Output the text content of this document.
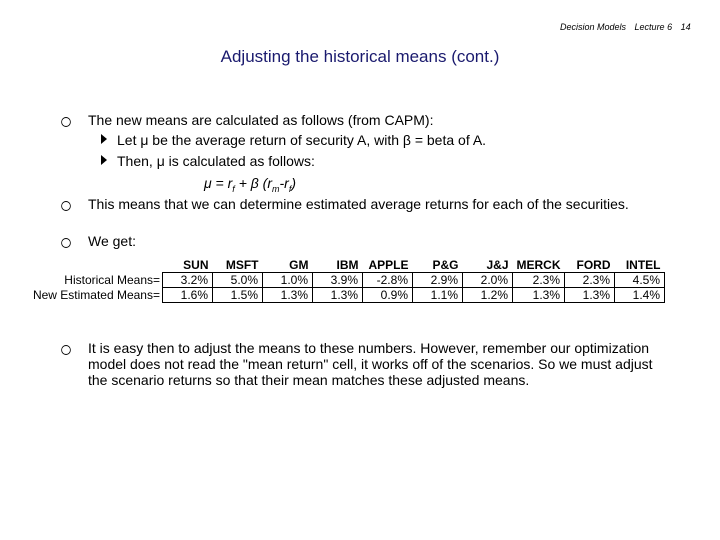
Decision Models Lecture 6 14
Adjusting the historical means (cont.)
The new means are calculated as follows (from CAPM):
Let μ be the average return of security A, with β = beta of A.
Then, μ is calculated as follows:
$\mu = r_f + \beta$ $(r_m-r_f)$
This means that we can determine estimated average returns for each of the securities.
We get:
	SUN	MSFT	GM	IBM	APPLE	P&G	J&J	MERCK	FORD	INTEL
Historical Means=	3.2%	5.0%	1.0%	3.9%	-2.8%	2.9%	2.0%	2.3%	2.3%	4.5%
New Estimated Means=	1.6%	1.5%	1.3%	1.3%	0.9%	1.1%	1.2%	1.3%	1.3%	1.4%
It is easy then to adjust the means to these numbers. However, remember our optimization model does not read the "mean return" cell, it works off of the scenarios. So we must adjust the scenario returns so that their mean matches these adjusted means.
